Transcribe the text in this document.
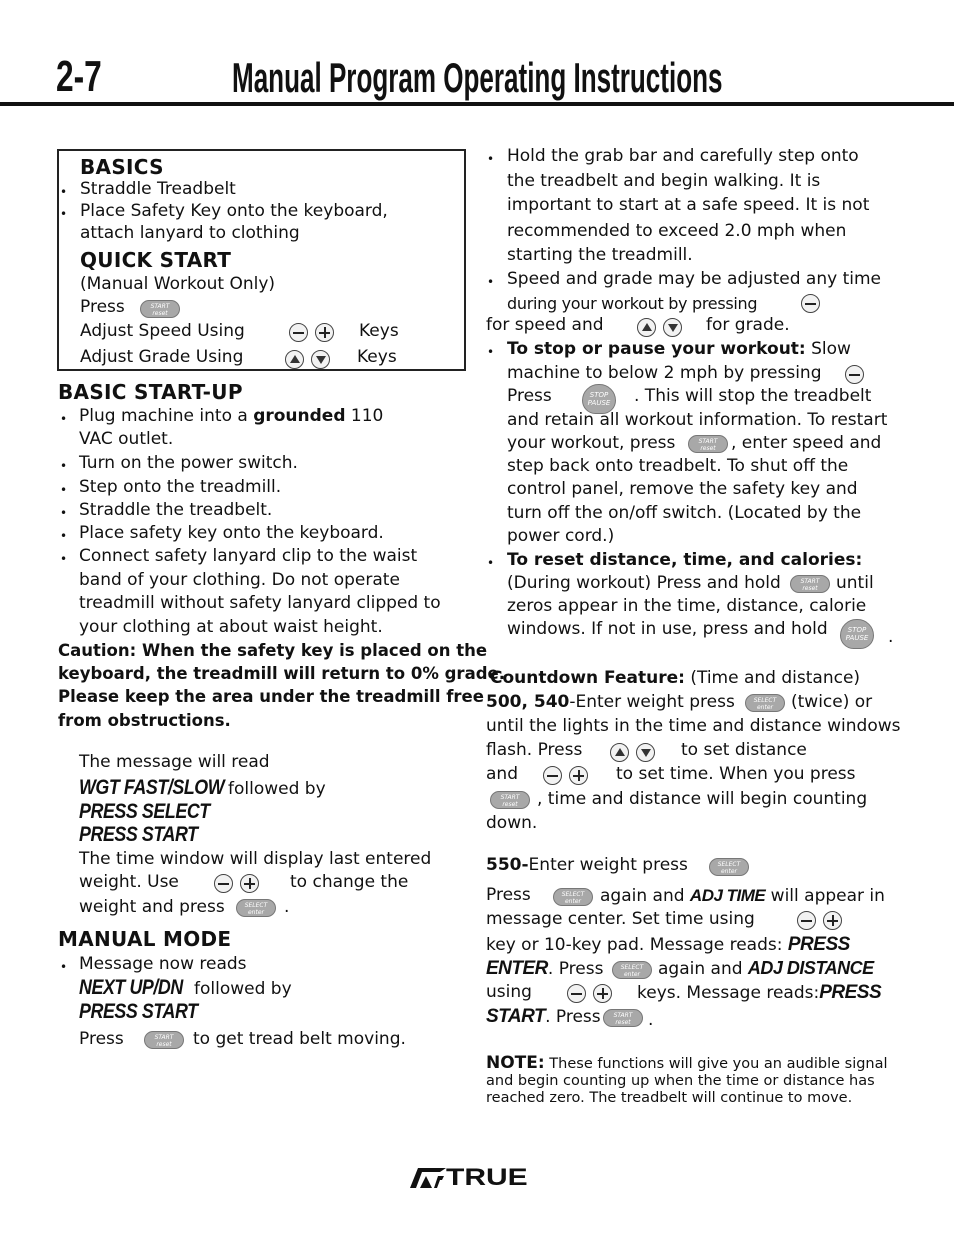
2-7	Manual Program Operating Instructions
BASICS
• Straddle Treadbelt
• Place Safety Key onto the keyboard,
attach lanyard to clothing
QUICK START
(Manual Workout Only)
Press	START
reset
Adjust Speed Using	Keys
Adjust Grade Using	Keys
BASIC START-UP
• Plug machine into a grounded 110
VAC outlet.
• Turn on the power switch.
• Step onto the treadmill.
• Straddle the treadbelt.
• Place safety key onto the keyboard.
• Connect safety lanyard clip to the waist
band of your clothing. Do not operate
treadmill without safety lanyard clipped to
your clothing at about waist height.
Caution: When the safety key is placed on the
keyboard, the treadmill will return to 0% grade.
Please keep the area under the treadmill free
from obstructions.
The message will read
WGT FAST/SLOW followed by
PRESS SELECT
PRESS START
The time window will display last entered
weight. Use	to change the
weight and press	SELECT
enter	.
MANUAL MODE
• Message now reads
NEXT UP/DN followed by
PRESS START
Press	START
reset	to get tread belt moving.
• Hold the grab bar and carefully step onto
the treadbelt and begin walking. It is
important to start at a safe speed. It is not
recommended to exceed 2.0 mph when
starting the treadmill.
• Speed and grade may be adjusted any time
during your workout by pressing
for speed and	for grade.
• To stop or pause your workout: Slow
machine to below 2 mph by pressing
Press	STOP
PAUSE	. This will stop the treadbelt
and retain all workout information. To restart
your workout, press	START
reset , enter speed and
step back onto treadbelt. To shut off the
control panel, remove the safety key and
turn off the on/off switch. (Located by the
power cord.)
• To reset distance, time, and calories:
(During workout) Press and hold	START
reset	until
zeros appear in the time, distance, calorie
windows. If not in use, press and hold	STOP
PAUSE	.
Countdown Feature: (Time and distance)
500, 540-Enter weight press	SELECT
enter	(twice) or
until the lights in the time and distance windows
flash. Press	to set distance
and	to set time. When you press
START
reset	, time and distance will begin counting
down.
550-Enter weight press	SELECT
enter
Press	SELECT
enter	again and ADJ TIME will appear in
message center. Set time using
key or 10-key pad. Message reads: PRESS
ENTER. Press	SELECT
enter	again and ADJ DISTANCE
using	keys. Message reads:PRESS
START. Press	START
reset	.
NOTE: These functions will give you an audible signal
and begin counting up when the time or distance has
reached zero. The treadbelt will continue to move.
TRUE
